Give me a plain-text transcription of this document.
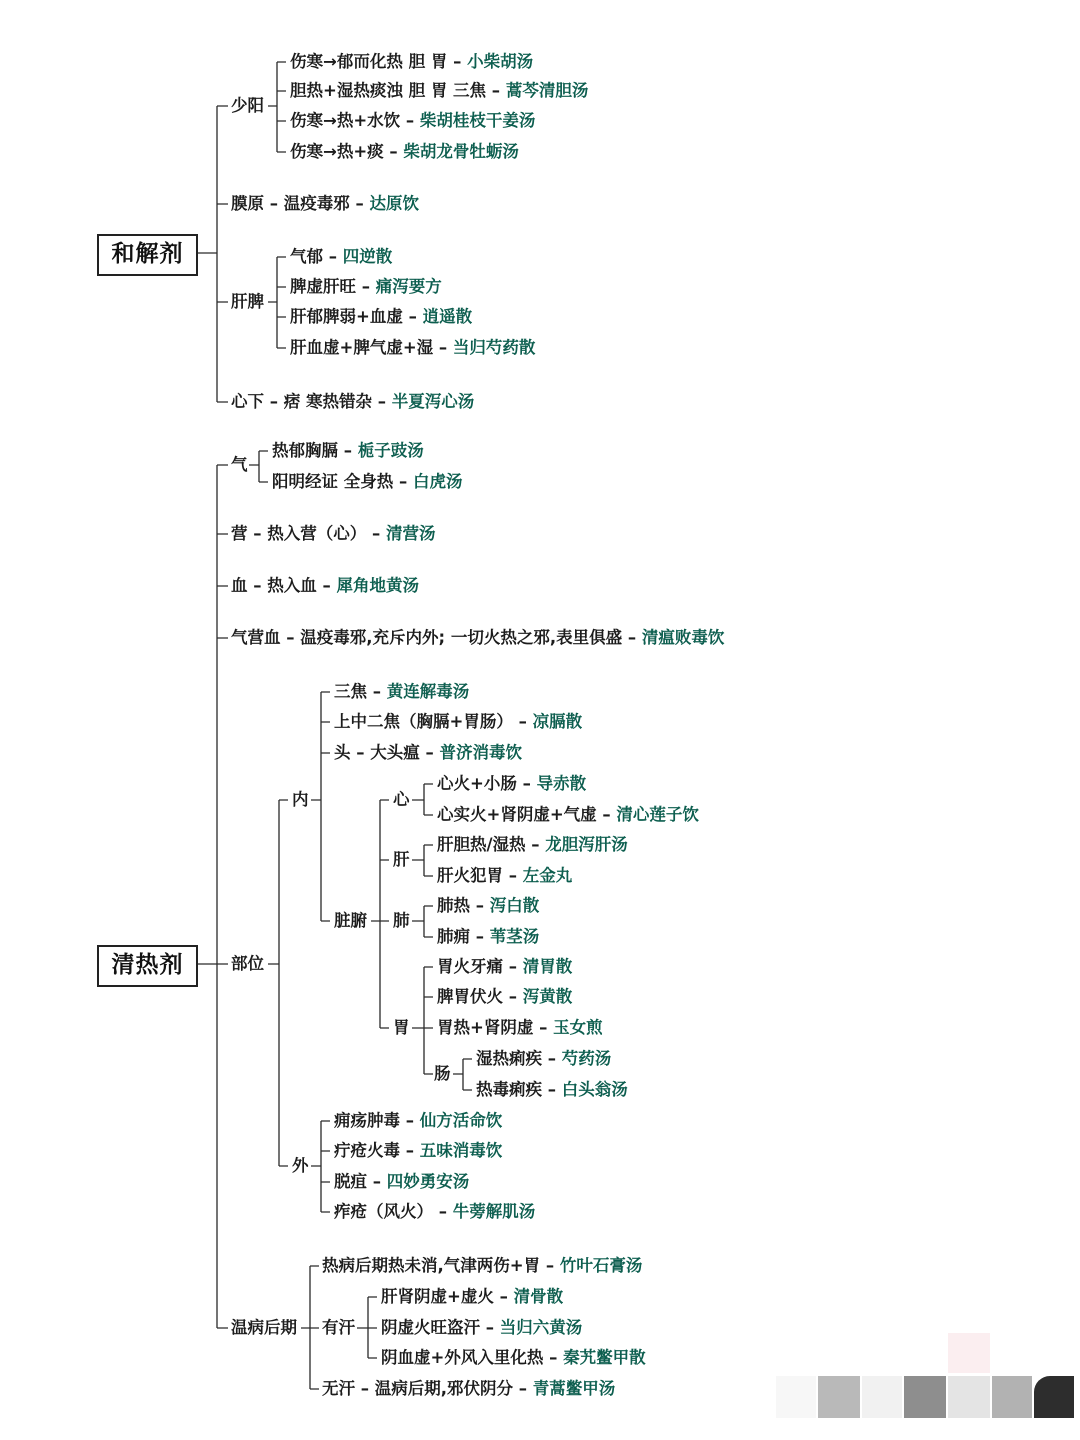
和解剂
清热剂
少阳
伤寒→郁而化热 胆 胃 – 小柴胡汤
胆热+湿热痰浊 胆 胃 三焦 – 蒿芩清胆汤
伤寒→热+水饮 – 柴胡桂枝干姜汤
伤寒→热+痰 – 柴胡龙骨牡蛎汤
膜原 – 温疫毒邪 – 达原饮
肝脾
气郁 – 四逆散
脾虚肝旺 – 痛泻要方
肝郁脾弱+血虚 – 逍遥散
肝血虚+脾气虚+湿 – 当归芍药散
心下 – 痞 寒热错杂 – 半夏泻心汤
气
热郁胸膈 – 栀子豉汤
阳明经证 全身热 – 白虎汤
营 – 热入营（心） – 清营汤
血 – 热入血 – 犀角地黄汤
气营血 – 温疫毒邪,充斥内外; 一切火热之邪,表里俱盛 – 清瘟败毒饮
部位
内
三焦 – 黄连解毒汤
上中二焦（胸膈+胃肠） – 凉膈散
头 – 大头瘟 – 普济消毒饮
脏腑
心
心火+小肠 – 导赤散
心实火+肾阴虚+气虚 – 清心莲子饮
肝
肝胆热/湿热 – 龙胆泻肝汤
肝火犯胃 – 左金丸
肺
肺热 – 泻白散
肺痈 – 苇茎汤
胃
胃火牙痛 – 清胃散
脾胃伏火 – 泻黄散
胃热+肾阴虚 – 玉女煎
肠
湿热痢疾 – 芍药汤
热毒痢疾 – 白头翁汤
外
痈疡肿毒 – 仙方活命饮
疔疮火毒 – 五味消毒饮
脱疽 – 四妙勇安汤
痄疮（风火） – 牛蒡解肌汤
温病后期
热病后期热未消,气津两伤+胃 – 竹叶石膏汤
有汗
肝肾阴虚+虚火 – 清骨散
阴虚火旺盗汗 – 当归六黄汤
阴血虚+外风入里化热 – 秦艽鳖甲散
无汗 – 温病后期,邪伏阴分 – 青蒿鳖甲汤
